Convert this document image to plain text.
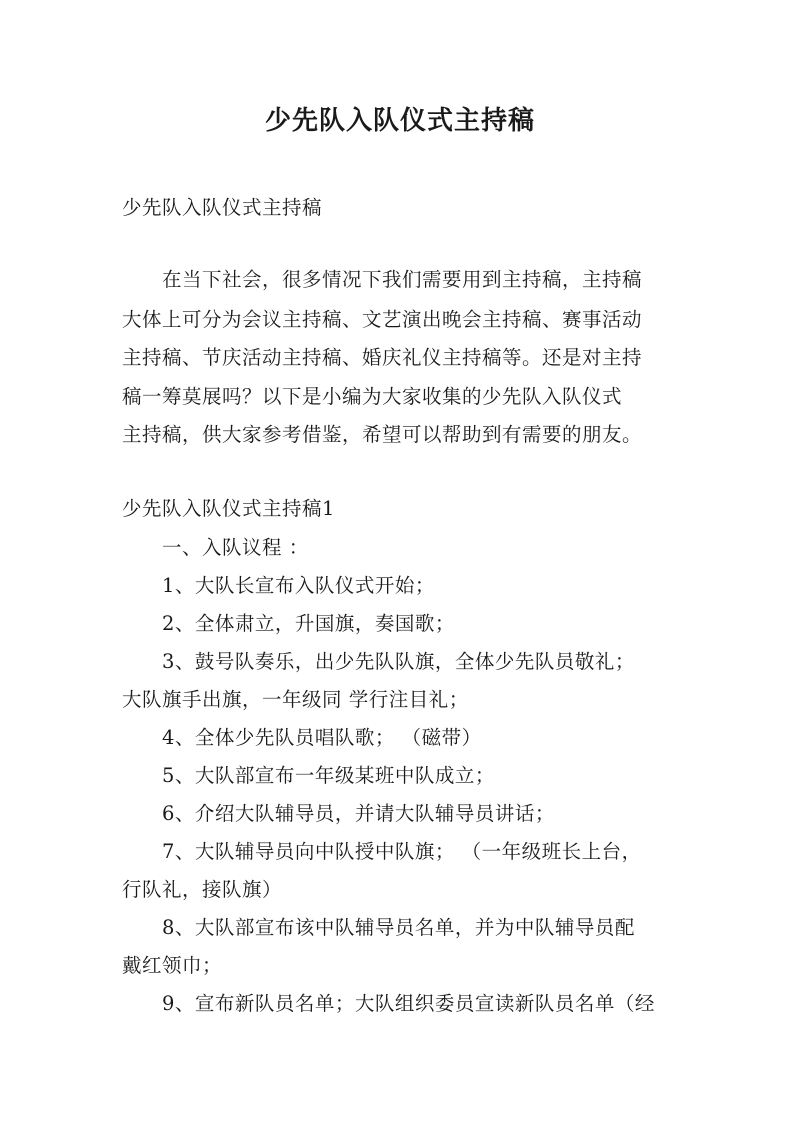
少先队入队仪式主持稿
少先队入队仪式主持稿
在当下社会，很多情况下我们需要用到主持稿，主持稿
大体上可分为会议主持稿、文艺演出晚会主持稿、赛事活动
主持稿、节庆活动主持稿、婚庆礼仪主持稿等。还是对主持
稿一筹莫展吗？以下是小编为大家收集的少先队入队仪式
主持稿，供大家参考借鉴，希望可以帮助到有需要的朋友。
少先队入队仪式主持稿1
一、入队议程 ：
1、大队长宣布入队仪式开始；
2、全体肃立，升国旗，奏国歌；
3、鼓号队奏乐，出少先队队旗，全体少先队员敬礼；
大队旗手出旗，一年级同 学行注目礼；
4、全体少先队员唱队歌； （磁带）
5、大队部宣布一年级某班中队成立；
6、介绍大队辅导员，并请大队辅导员讲话；
7、大队辅导员向中队授中队旗； （一年级班长上台，
行队礼，接队旗）
8、大队部宣布该中队辅导员名单，并为中队辅导员配
戴红领巾；
9、宣布新队员名单；大队组织委员宣读新队员名单（经
